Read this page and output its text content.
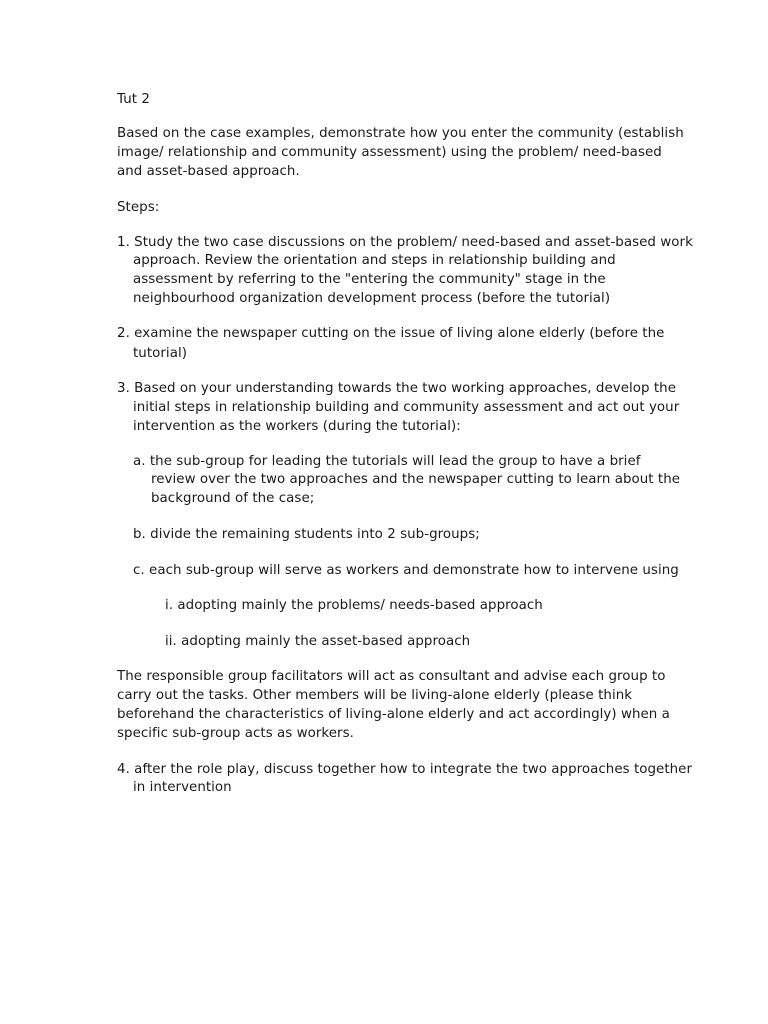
Tut 2
Based on the case examples, demonstrate how you enter the community (establish
image/ relationship and community assessment) using the problem/ need-based
and asset-based approach.
Steps:
1. Study the two case discussions on the problem/ need-based and asset-based work
approach. Review the orientation and steps in relationship building and
assessment by referring to the "entering the community" stage in the
neighbourhood organization development process (before the tutorial)
2. examine the newspaper cutting on the issue of living alone elderly (before the
tutorial)
3. Based on your understanding towards the two working approaches, develop the
initial steps in relationship building and community assessment and act out your
intervention as the workers (during the tutorial):
a. the sub-group for leading the tutorials will lead the group to have a brief
review over the two approaches and the newspaper cutting to learn about the
background of the case;
b. divide the remaining students into 2 sub-groups;
c. each sub-group will serve as workers and demonstrate how to intervene using
i. adopting mainly the problems/ needs-based approach
ii. adopting mainly the asset-based approach
The responsible group facilitators will act as consultant and advise each group to
carry out the tasks. Other members will be living-alone elderly (please think
beforehand the characteristics of living-alone elderly and act accordingly) when a
specific sub-group acts as workers.
4. after the role play, discuss together how to integrate the two approaches together
in intervention
